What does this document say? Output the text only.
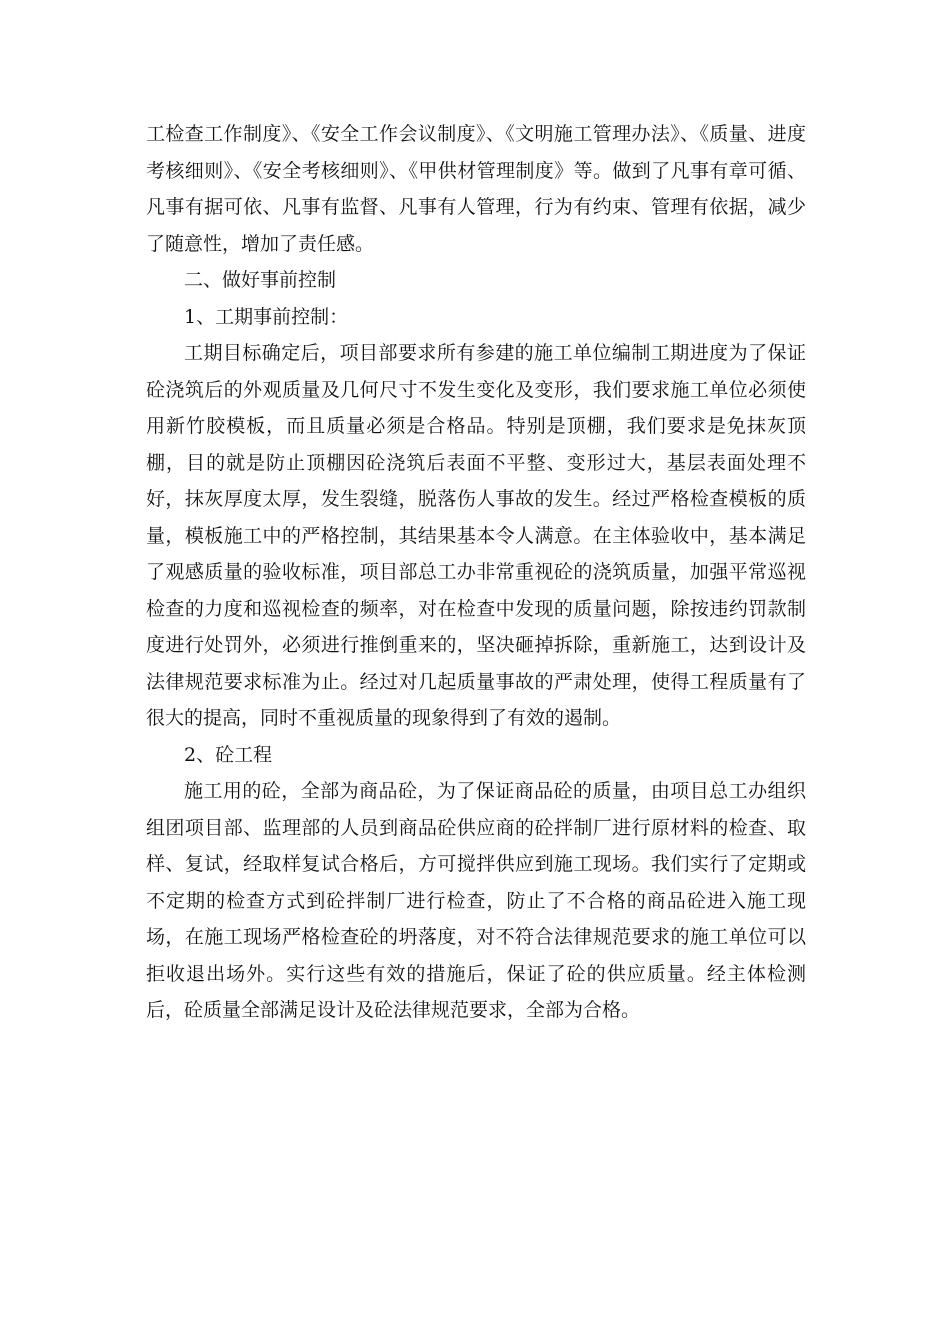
工检查工作制度》、《安全工作会议制度》、《文明施工管理办法》、《质量、进度考核细则》、《安全考核细则》、《甲供材管理制度》等。做到了凡事有章可循、凡事有据可依、凡事有监督、凡事有人管理，行为有约束、管理有依据，减少了随意性，增加了责任感。

二、做好事前控制

1、工期事前控制：

工期目标确定后，项目部要求所有参建的施工单位编制工期进度为了保证砼浇筑后的外观质量及几何尺寸不发生变化及变形，我们要求施工单位必须使用新竹胶模板，而且质量必须是合格品。特别是顶棚，我们要求是免抹灰顶棚，目的就是防止顶棚因砼浇筑后表面不平整、变形过大，基层表面处理不好，抹灰厚度太厚，发生裂缝，脱落伤人事故的发生。经过严格检查模板的质量，模板施工中的严格控制，其结果基本令人满意。在主体验收中，基本满足了观感质量的验收标准，项目部总工办非常重视砼的浇筑质量，加强平常巡视检查的力度和巡视检查的频率，对在检查中发现的质量问题，除按违约罚款制度进行处罚外，必须进行推倒重来的，坚决砸掉拆除，重新施工，达到设计及法律规范要求标准为止。经过对几起质量事故的严肃处理，使得工程质量有了很大的提高，同时不重视质量的现象得到了有效的遏制。

2、砼工程

施工用的砼，全部为商品砼，为了保证商品砼的质量，由项目总工办组织组团项目部、监理部的人员到商品砼供应商的砼拌制厂进行原材料的检查、取样、复试，经取样复试合格后，方可搅拌供应到施工现场。我们实行了定期或不定期的检查方式到砼拌制厂进行检查，防止了不合格的商品砼进入施工现场，在施工现场严格检查砼的坍落度，对不符合法律规范要求的施工单位可以拒收退出场外。实行这些有效的措施后，保证了砼的供应质量。经主体检测后，砼质量全部满足设计及砼法律规范要求，全部为合格。
